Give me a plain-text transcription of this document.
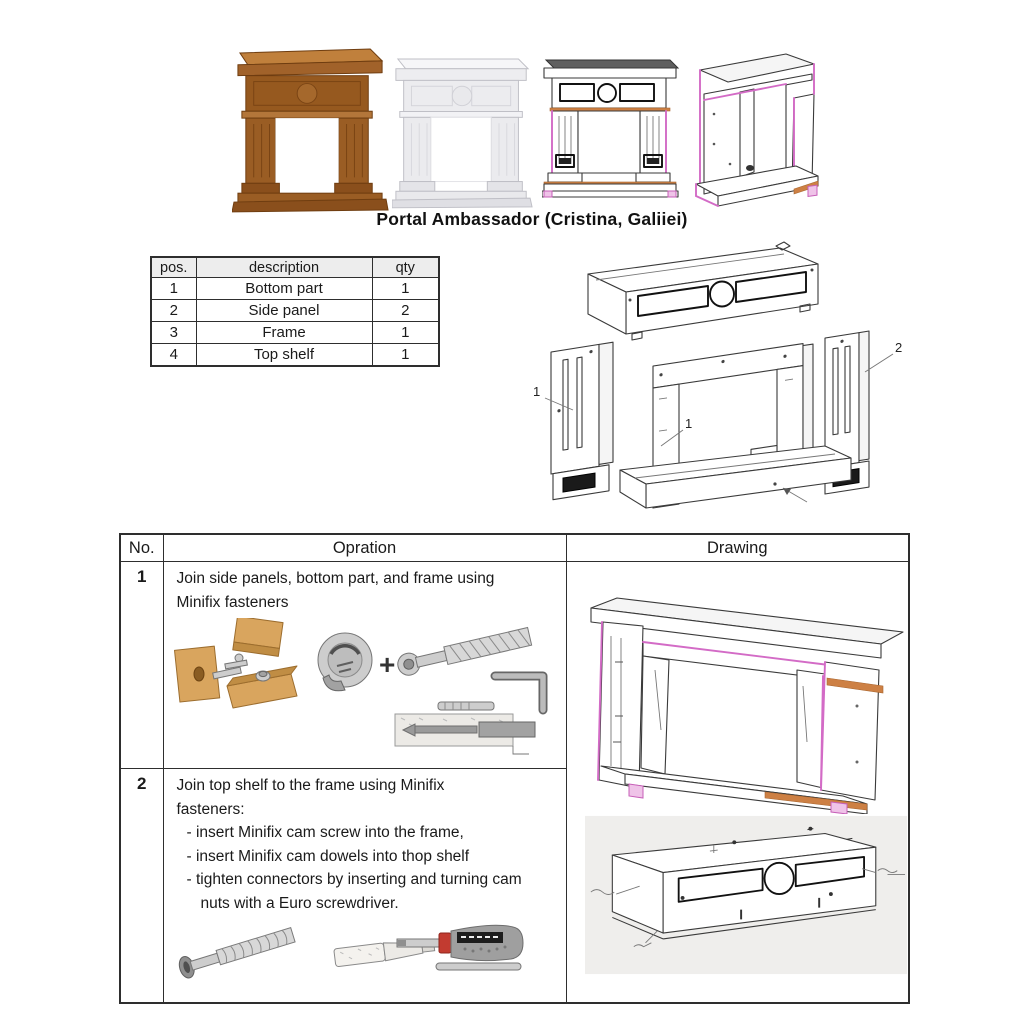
Portal Ambassador (Cristina, Galiiei)
pos.	description	qty
1	Bottom part	1
2	Side panel	2
3	Frame	1
4	Top shelf	1
1
1
2
No.	Opration	Drawing
1	Join side panels, bottom part, and frame using
Minifix fasteners
+

2	Join top shelf to the frame using Minifix
fasteners:
- insert Minifix cam screw into the frame,
- insert Minifix cam dowels into thop shelf
- tighten connectors by inserting and turning cam
nuts with a Euro screwdriver.
